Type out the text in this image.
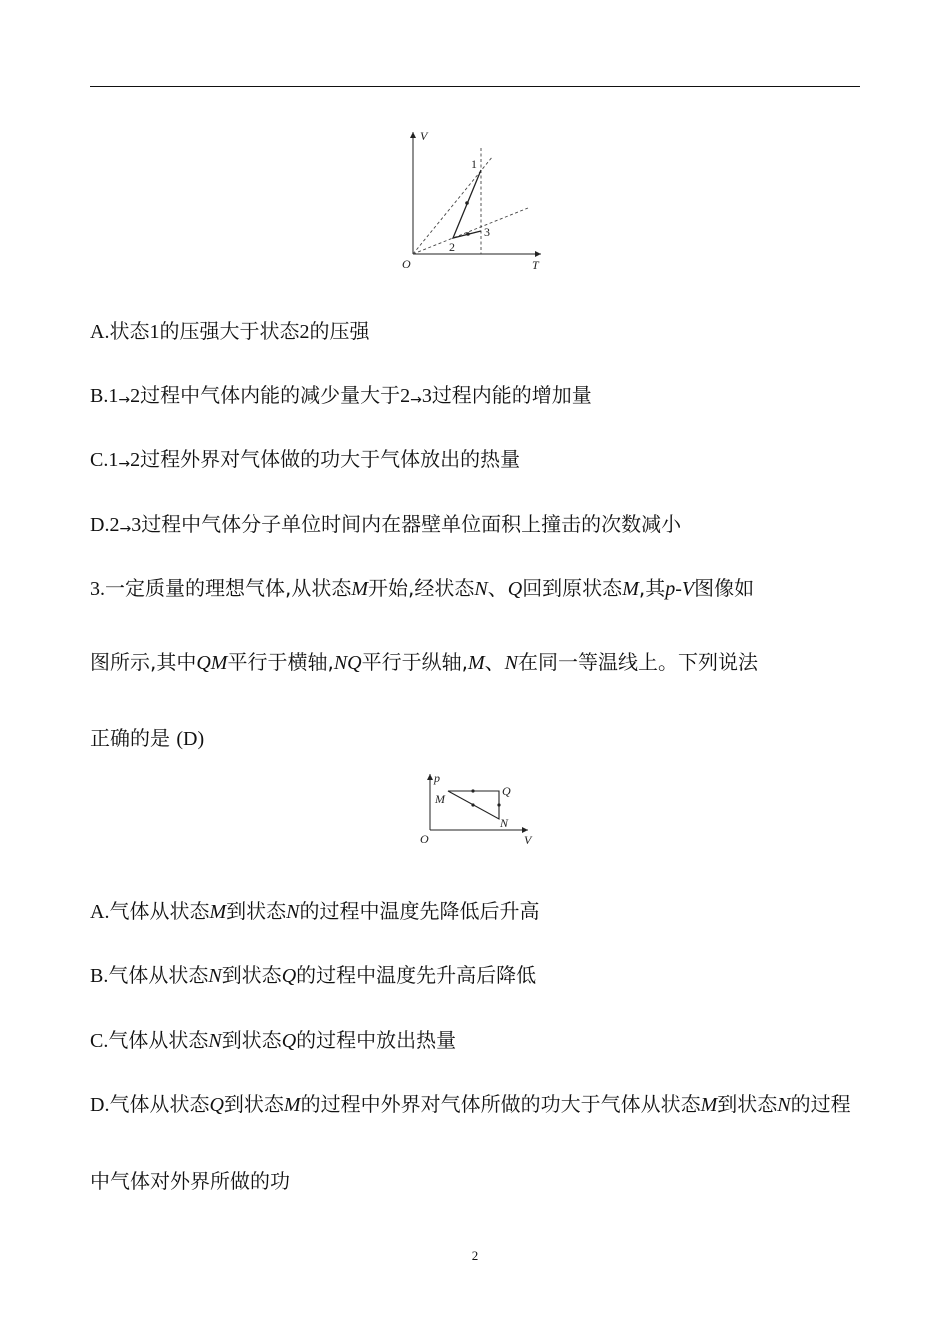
V
T
O
1
2
3
A.状态1的压强大于状态2的压强
B.1→2过程中气体内能的减少量大于2→3过程内能的增加量
C.1→2过程外界对气体做的功大于气体放出的热量
D.2→3过程中气体分子单位时间内在器壁单位面积上撞击的次数减小
3.一定质量的理想气体,从状态M开始,经状态N、Q回到原状态M,其p-V图像如
p
V
O
M
Q
N
A.气体从状态M到状态N的过程中温度先降低后升高
B.气体从状态N到状态Q的过程中温度先升高后降低
C.气体从状态N到状态Q的过程中放出热量
D.气体从状态Q到状态M的过程中外界对气体所做的功大于气体从状态M到状态N的过程中气体对外界所做的功
2
图所示,其中QM平行于横轴,NQ平行于纵轴,M、N在同一等温线上。下列说法
正确的是 (D)
